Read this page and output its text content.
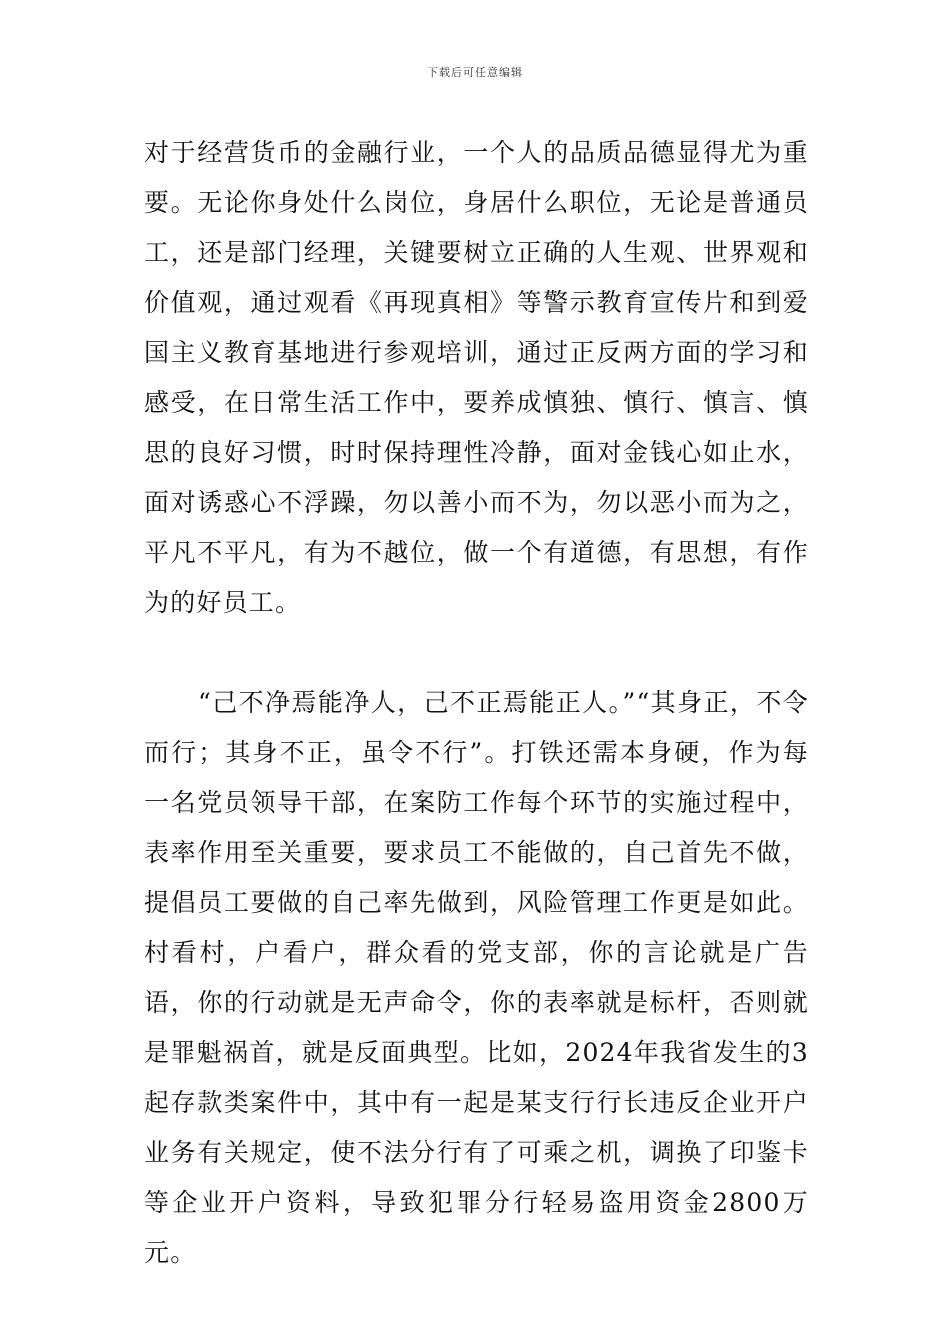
下载后可任意编辑

对于经营货币的金融行业，一个人的品质品德显得尤为重要。无论你身处什么岗位，身居什么职位，无论是普通员工，还是部门经理，关键要树立正确的人生观、世界观和价值观，通过观看《再现真相》等警示教育宣传片和到爱国主义教育基地进行参观培训，通过正反两方面的学习和感受，在日常生活工作中，要养成慎独、慎行、慎言、慎思的良好习惯，时时保持理性冷静，面对金钱心如止水，面对诱惑心不浮躁，勿以善小而不为，勿以恶小而为之，平凡不平凡，有为不越位，做一个有道德，有思想，有作为的好员工。

“己不净焉能净人，己不正焉能正人。”“其身正，不令而行；其身不正，虽令不行”。打铁还需本身硬，作为每一名党员领导干部，在案防工作每个环节的实施过程中，表率作用至关重要，要求员工不能做的，自己首先不做，提倡员工要做的自己率先做到，风险管理工作更是如此。村看村，户看户，群众看的党支部，你的言论就是广告语，你的行动就是无声命令，你的表率就是标杆，否则就是罪魁祸首，就是反面典型。比如，2024年我省发生的3起存款类案件中，其中有一起是某支行行长违反企业开户业务有关规定，使不法分行有了可乘之机，调换了印鉴卡等企业开户资料，导致犯罪分行轻易盗用资金2800万元。
